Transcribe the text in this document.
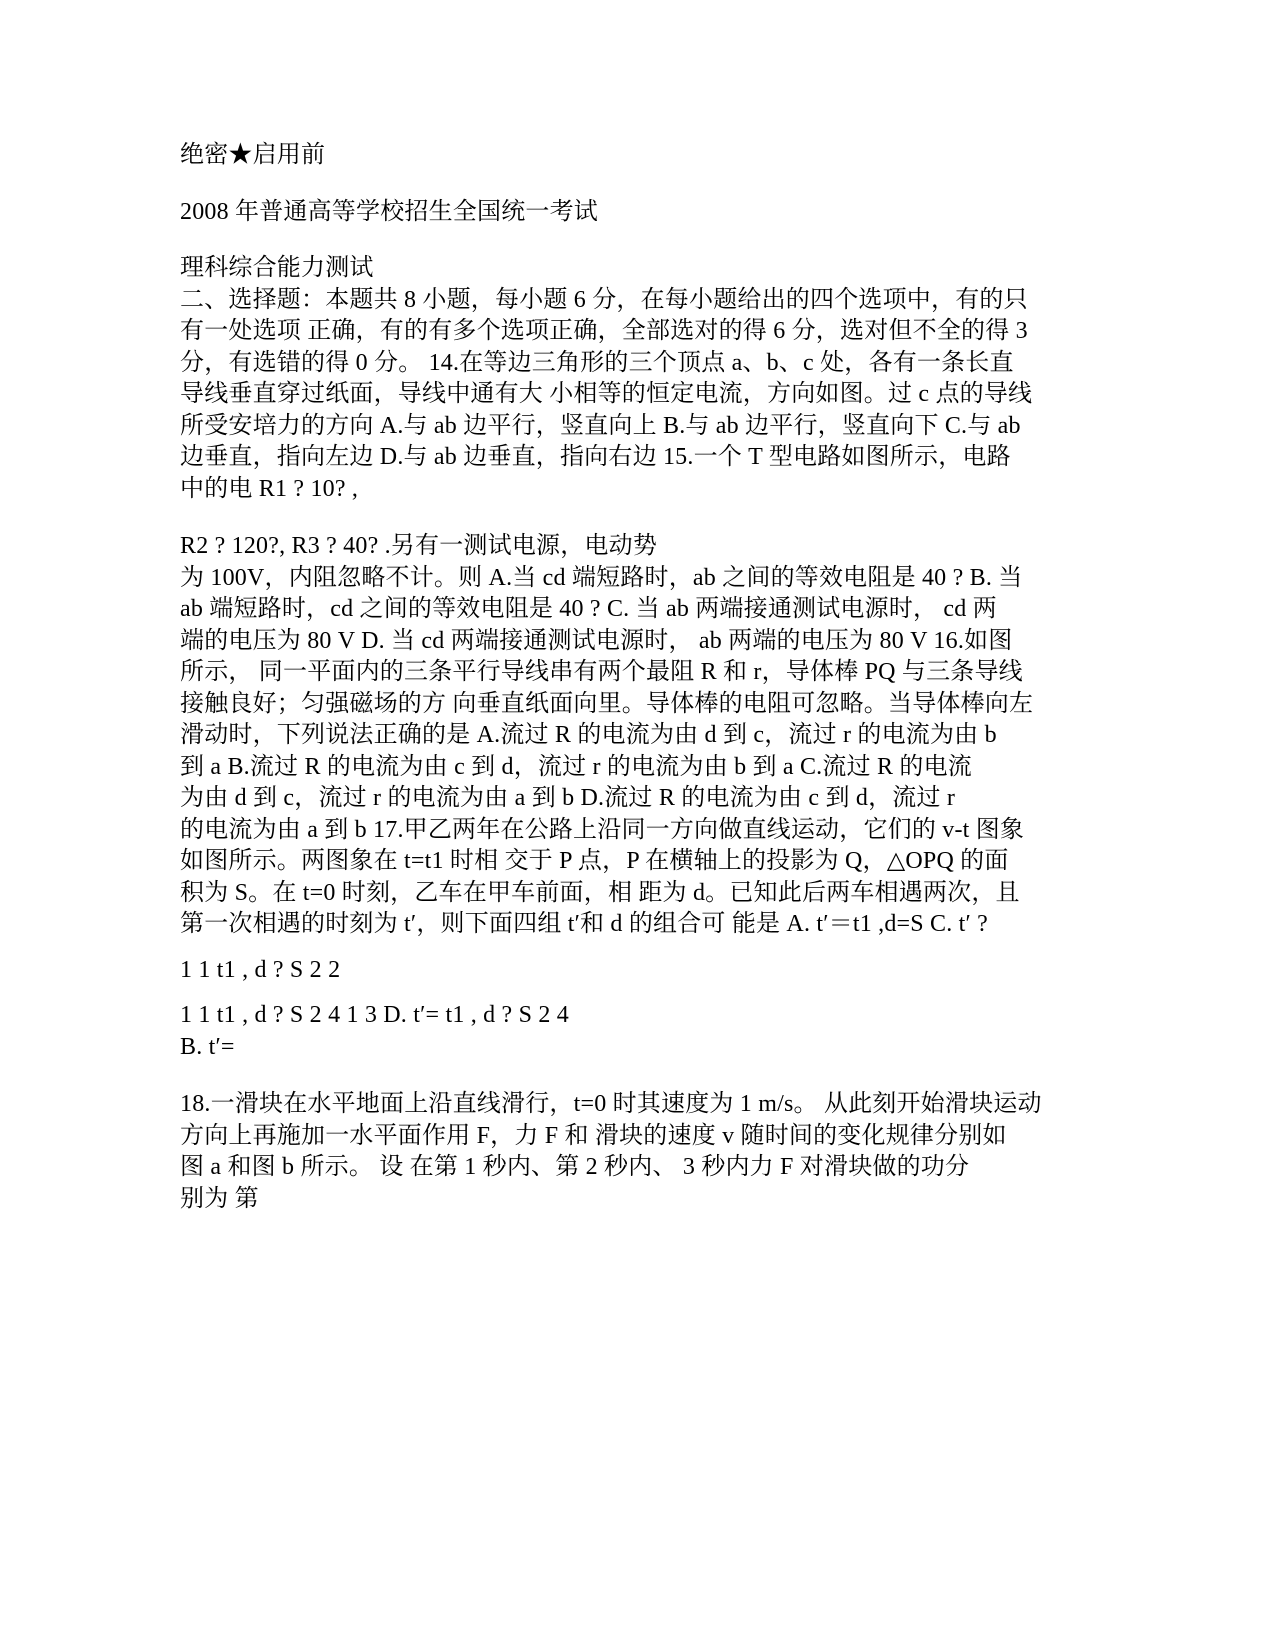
绝密★启用前
2008 年普通高等学校招生全国统一考试
理科综合能力测试
二、选择题：本题共 8 小题，每小题 6 分，在每小题给出的四个选项中，有的只
有一处选项 正确，有的有多个选项正确，全部选对的得 6 分，选对但不全的得 3
分，有选错的得 0 分。 14.在等边三角形的三个顶点 a、b、c 处，各有一条长直
导线垂直穿过纸面，导线中通有大 小相等的恒定电流，方向如图。过 c 点的导线
所受安培力的方向 A.与 ab 边平行，竖直向上 B.与 ab 边平行，竖直向下 C.与 ab
边垂直，指向左边 D.与 ab 边垂直，指向右边 15.一个 T 型电路如图所示，电路
中的电 R1 ? 10? ,
R2 ? 120?, R3 ? 40? .另有一测试电源，电动势
为 100V，内阻忽略不计。则 A.当 cd 端短路时，ab 之间的等效电阻是 40 ? B. 当
ab 端短路时，cd 之间的等效电阻是 40 ? C. 当 ab 两端接通测试电源时， cd 两
端的电压为 80 V D. 当 cd 两端接通测试电源时， ab 两端的电压为 80 V 16.如图
所示， 同一平面内的三条平行导线串有两个最阻 R 和 r，导体棒 PQ 与三条导线
接触良好；匀强磁场的方 向垂直纸面向里。导体棒的电阻可忽略。当导体棒向左
滑动时，下列说法正确的是 A.流过 R 的电流为由 d 到 c，流过 r 的电流为由 b
到 a B.流过 R 的电流为由 c 到 d，流过 r 的电流为由 b 到 a C.流过 R 的电流
为由 d 到 c，流过 r 的电流为由 a 到 b D.流过 R 的电流为由 c 到 d，流过 r
的电流为由 a 到 b 17.甲乙两年在公路上沿同一方向做直线运动，它们的 v-t 图象
如图所示。两图象在 t=t1 时相 交于 P 点，P 在横轴上的投影为 Q，△OPQ 的面
积为 S。在 t=0 时刻，乙车在甲车前面，相 距为 d。已知此后两车相遇两次，且
第一次相遇的时刻为 t′，则下面四组 t′和 d 的组合可 能是 A. t′＝t1 ,d=S C. t′ ?
1 1 t1 , d ? S 2 2
1 1 t1 , d ? S 2 4 1 3 D. t′= t1 , d ? S 2 4
B. t′=
18.一滑块在水平地面上沿直线滑行，t=0 时其速度为 1 m/s。 从此刻开始滑块运动
方向上再施加一水平面作用 F，力 F 和 滑块的速度 v 随时间的变化规律分别如
图 a 和图 b 所示。 设 在第 1 秒内、第 2 秒内、 3 秒内力 F 对滑块做的功分
别为 第
